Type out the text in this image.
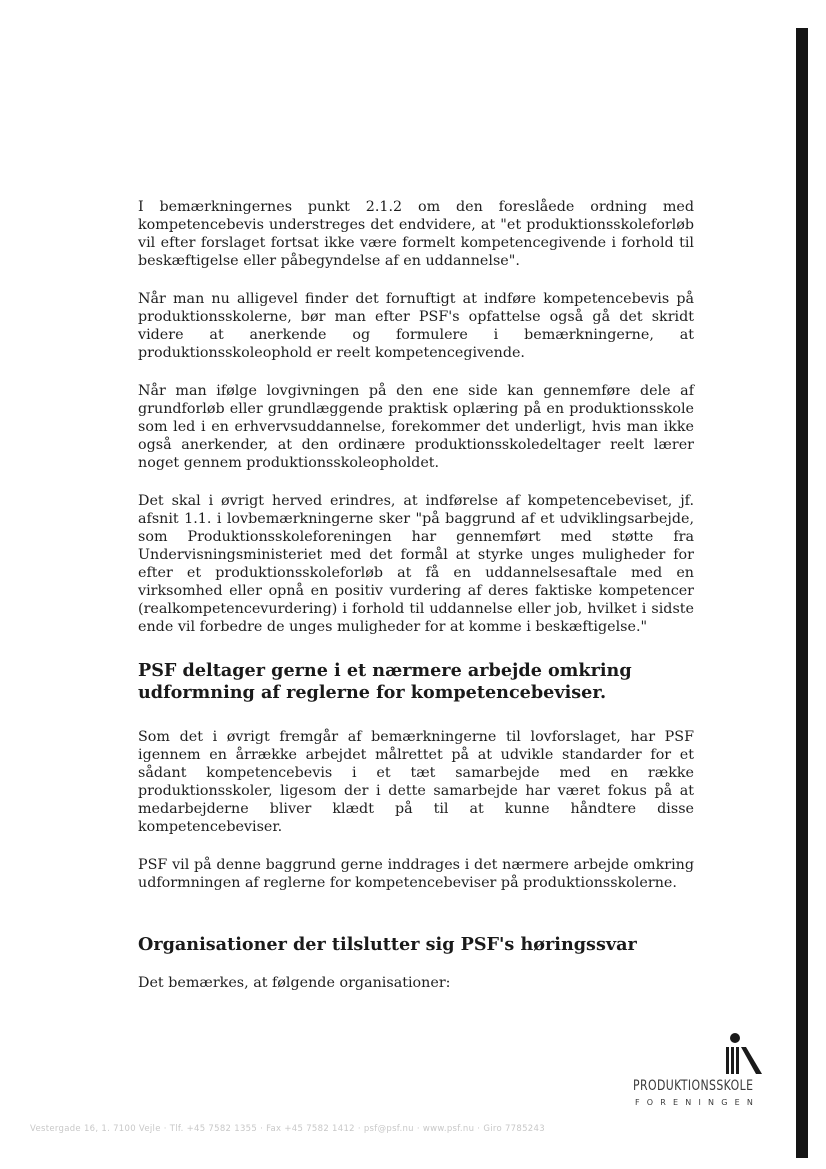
I bemærkningernes punkt 2.1.2 om den foreslåede ordning med kompetencebevis understreges det endvidere, at "et produktionsskoleforløb vil efter forslaget fortsat ikke være formelt kompetencegivende i forhold til beskæftigelse eller påbegyndelse af en uddannelse".

Når man nu alligevel finder det fornuftigt at indføre kompetencebevis på produktionsskolerne, bør man efter PSF's opfattelse også gå det skridt videre at anerkende og formulere i bemærkningerne, at produktionsskoleophold er reelt kompetencegivende.

Når man ifølge lovgivningen på den ene side kan gennemføre dele af grundforløb eller grundlæggende praktisk oplæring på en produktionsskole som led i en erhvervsuddannelse, forekommer det underligt, hvis man ikke også anerkender, at den ordinære produktionsskoledeltager reelt lærer noget gennem produktionsskoleopholdet.

Det skal i øvrigt herved erindres, at indførelse af kompetencebeviset, jf. afsnit 1.1. i lovbemærkningerne sker "på baggrund af et udviklingsarbejde, som Produktionsskoleforeningen har gennemført med støtte fra Undervisningsministeriet med det formål at styrke unges muligheder for efter et produktionsskoleforløb at få en uddannelsesaftale med en virksomhed eller opnå en positiv vurdering af deres faktiske kompetencer (realkompetencevurdering) i forhold til uddannelse eller job, hvilket i sidste ende vil forbedre de unges muligheder for at komme i beskæftigelse."

PSF deltager gerne i et nærmere arbejde omkring udformning af reglerne for kompetencebeviser.

Som det i øvrigt fremgår af bemærkningerne til lovforslaget, har PSF igennem en årrække arbejdet målrettet på at udvikle standarder for et sådant kompetencebevis i et tæt samarbejde med en række produktionsskoler, ligesom der i dette samarbejde har været fokus på at medarbejderne bliver klædt på til at kunne håndtere disse kompetencebeviser.

PSF vil på denne baggrund gerne inddrages i det nærmere arbejde omkring udformningen af reglerne for kompetencebeviser på produktionsskolerne.

Organisationer der tilslutter sig PSF's høringssvar

Det bemærkes, at følgende organisationer:

PRODUKTIONSSKOLE
FORENINGEN
Vestergade 16, 1. 7100 Vejle · Tlf. +45 7582 1355 · Fax +45 7582 1412 · psf@psf.nu · www.psf.nu · Giro 7785243
